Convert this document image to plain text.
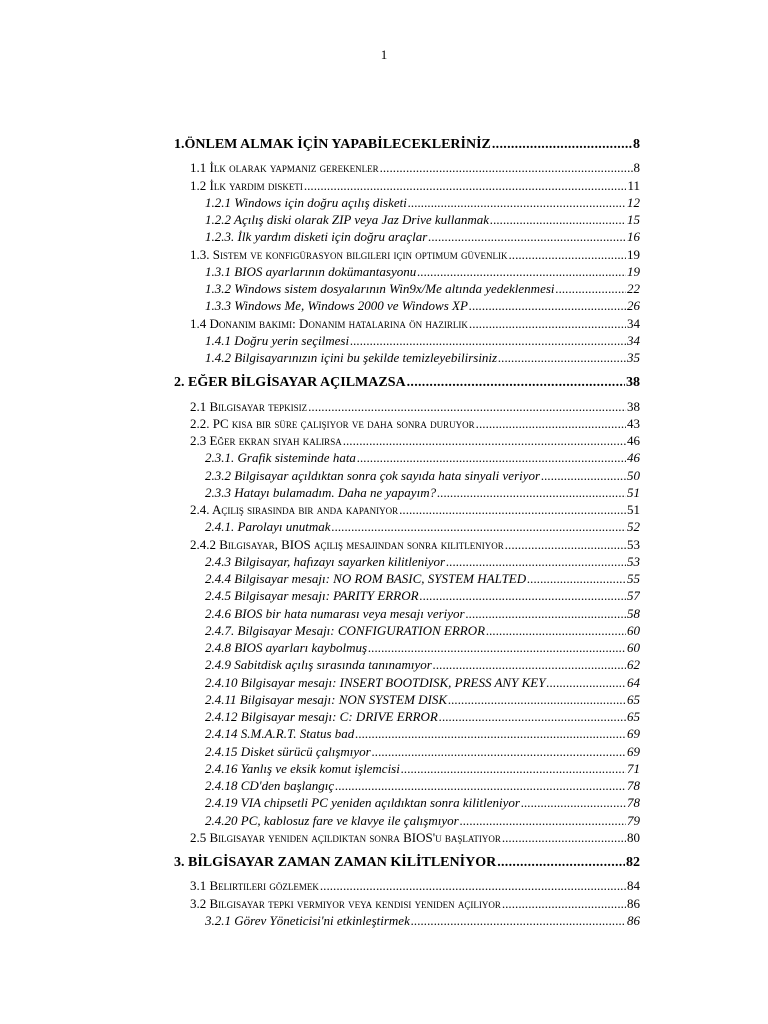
1
1.ÖNLEM ALMAK İÇİN YAPABİLECEKLERİNİZ . . .	8
1.1 İlk olarak yapmanız gerekenler . . .	8
1.2 İlk yardım disketi . . .	11
1.2.1 Windows için doğru açılış disketi . . .	12
1.2.2 Açılış diski olarak ZIP veya Jaz Drive kullanmak . . .	15
1.2.3. İlk yardım disketi için doğru araçlar . . .	16
1.3. Sistem ve konfigürasyon bilgileri için optimum güvenlik . . .	19
1.3.1 BIOS ayarlarının dokümantasyonu . . .	19
1.3.2 Windows sistem dosyalarının Win9x/Me altında yedeklenmesi . . .	22
1.3.3 Windows Me, Windows 2000 ve Windows XP . . .	26
1.4 Donanım bakımı: Donanım hatalarına ön hazırlık . . .	34
1.4.1 Doğru yerin seçilmesi . . .	34
1.4.2 Bilgisayarınızın içini bu şekilde temizleyebilirsiniz . . .	35
2. EĞER BİLGİSAYAR AÇILMAZSA . . .	38
2.1 Bilgisayar tepkisiz . . .	38
2.2. PC kısa bir süre çalışıyor ve daha sonra duruyor . . .	43
2.3 Eğer ekran siyah kalırsa . . .	46
2.3.1. Grafik sisteminde hata . . .	46
2.3.2 Bilgisayar açıldıktan sonra çok sayıda hata sinyali veriyor . . .	50
2.3.3 Hatayı bulamadım. Daha ne yapayım? . . .	51
2.4. Açılış sırasında bir anda kapanıyor . . .	51
2.4.1. Parolayı unutmak . . .	52
2.4.2 Bilgisayar, BIOS açılış mesajından sonra kilitleniyor . . .	53
2.4.3 Bilgisayar, hafızayı sayarken kilitleniyor . . .	53
2.4.4 Bilgisayar mesajı: NO ROM BASIC, SYSTEM HALTED . . .	55
2.4.5 Bilgisayar mesajı: PARITY ERROR . . .	57
2.4.6 BIOS bir hata numarası veya mesajı veriyor . . .	58
2.4.7. Bilgisayar Mesajı: CONFIGURATION ERROR . . .	60
2.4.8 BIOS ayarları kaybolmuş . . .	60
2.4.9 Sabitdisk açılış sırasında tanınamıyor . . .	62
2.4.10 Bilgisayar mesajı: INSERT BOOTDISK, PRESS ANY KEY . . .	64
2.4.11 Bilgisayar mesajı: NON SYSTEM DISK . . .	65
2.4.12 Bilgisayar mesajı: C: DRIVE ERROR . . .	65
2.4.14 S.M.A.R.T. Status bad . . .	69
2.4.15 Disket sürücü çalışmıyor . . .	69
2.4.16 Yanlış ve eksik komut işlemcisi . . .	71
2.4.18 CD'den başlangıç . . .	78
2.4.19 VIA chipsetli PC yeniden açıldıktan sonra kilitleniyor . . .	78
2.4.20 PC, kablosuz fare ve klavye ile çalışmıyor . . .	79
2.5 Bilgisayar yeniden açıldıktan sonra BIOS'u başlatıyor . . .	80
3. BİLGİSAYAR ZAMAN ZAMAN KİLİTLENİYOR . . .	82
3.1 Belirtileri gözlemek . . .	84
3.2 Bilgisayar tepki vermiyor veya kendisi yeniden açılıyor . . .	86
3.2.1 Görev Yöneticisi'ni etkinleştirmek . . .	86
